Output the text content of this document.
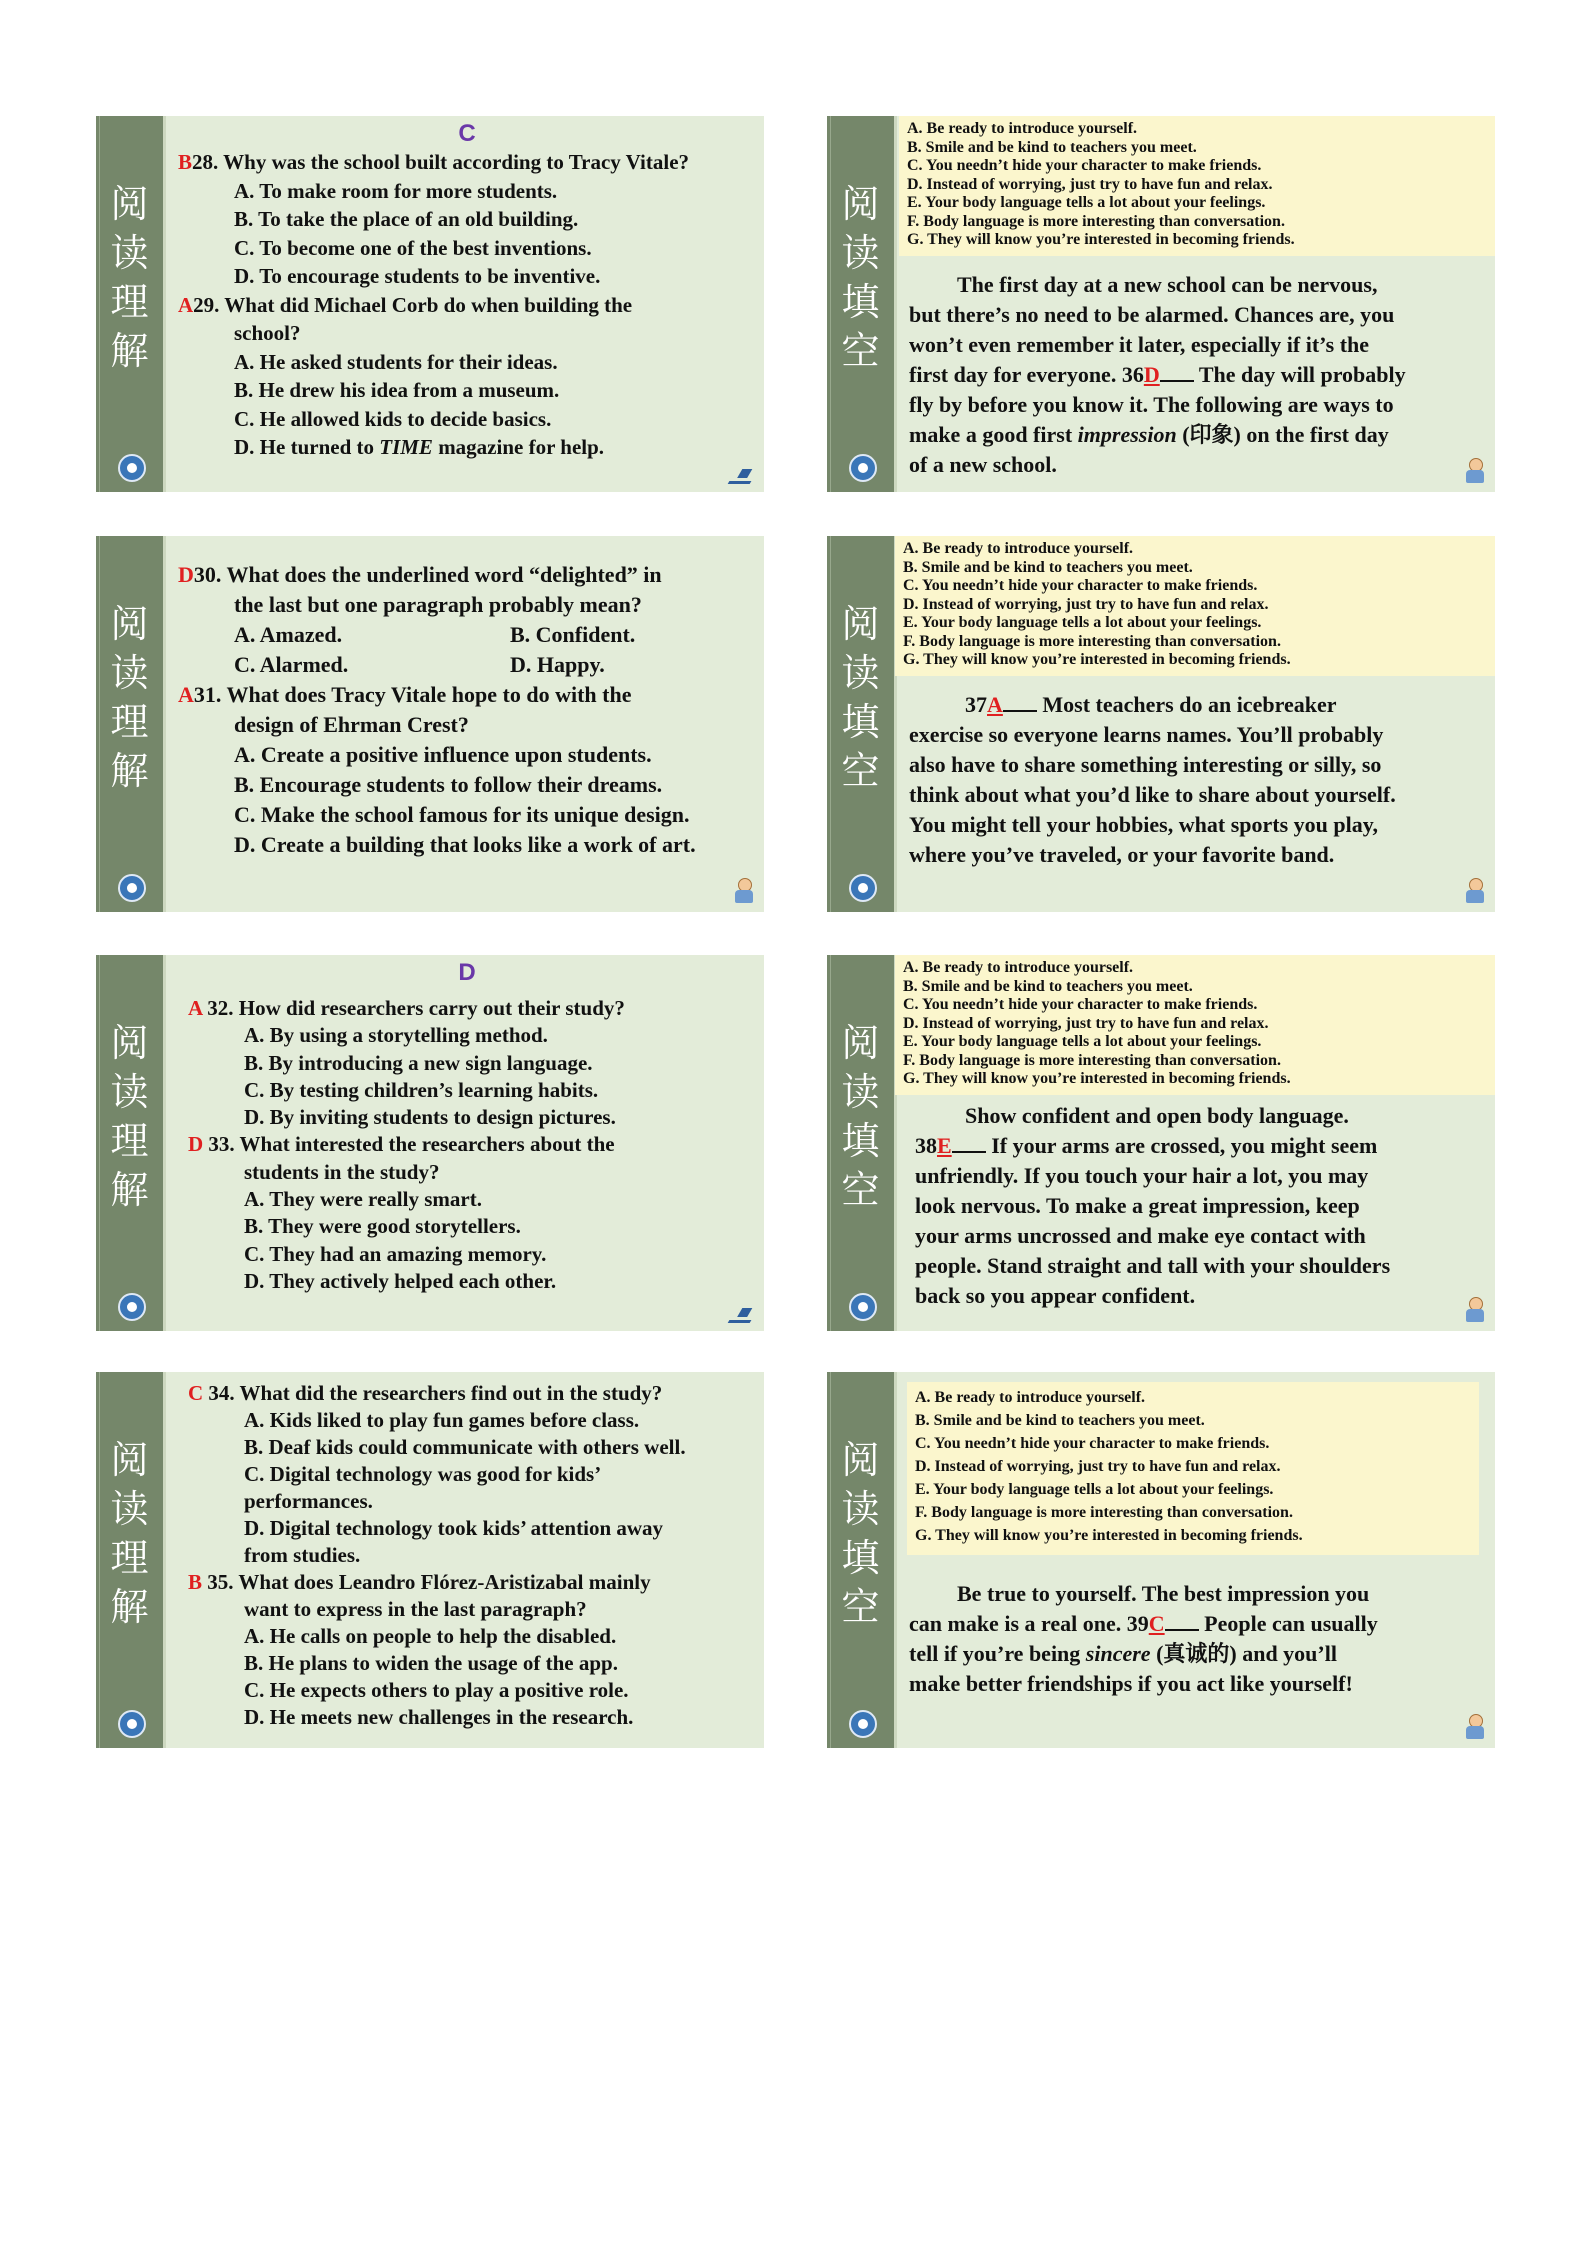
阅
读
理
解
C
B28. Why was the school built according to Tracy Vitale?
A. To make room for more students.
B. To take the place of an old building.
C. To become one of the best inventions.
D. To encourage students to be inventive.
A29. What did Michael Corb do when building the
school?
A. He asked students for their ideas.
B. He drew his idea from a museum.
C. He allowed kids to decide basics.
D. He turned to TIME magazine for help.
阅
读
填
空
A. Be ready to introduce yourself.
B. Smile and be kind to teachers you meet.
C. You needn’t hide your character to make friends.
D. Instead of worrying, just try to have fun and relax.
E. Your body language tells a lot about your feelings.
F. Body language is more interesting than conversation.
G. They will know you’re interested in becoming friends.
The first day at a new school can be nervous,
but there’s no need to be alarmed. Chances are, you
won’t even remember it later, especially if it’s the
first day for everyone. 36D The day will probably
fly by before you know it. The following are ways to
make a good first impression (印象) on the first day
of a new school.
阅
读
理
解
D30. What does the underlined word “delighted” in
the last but one paragraph probably mean?
A. Amazed.	B. Confident.
C. Alarmed.	D. Happy.
A31. What does Tracy Vitale hope to do with the
design of Ehrman Crest?
A. Create a positive influence upon students.
B. Encourage students to follow their dreams.
C. Make the school famous for its unique design.
D. Create a building that looks like a work of art.
阅
读
填
空
A. Be ready to introduce yourself.
B. Smile and be kind to teachers you meet.
C. You needn’t hide your character to make friends.
D. Instead of worrying, just try to have fun and relax.
E. Your body language tells a lot about your feelings.
F. Body language is more interesting than conversation.
G. They will know you’re interested in becoming friends.
37A Most teachers do an icebreaker
exercise so everyone learns names. You’ll probably
also have to share something interesting or silly, so
think about what you’d like to share about yourself.
You might tell your hobbies, what sports you play,
where you’ve traveled, or your favorite band.
阅
读
理
解
D
A 32. How did researchers carry out their study?
A. By using a storytelling method.
B. By introducing a new sign language.
C. By testing children’s learning habits.
D. By inviting students to design pictures.
D 33. What interested the researchers about the
students in the study?
A. They were really smart.
B. They were good storytellers.
C. They had an amazing memory.
D. They actively helped each other.
阅
读
填
空
A. Be ready to introduce yourself.
B. Smile and be kind to teachers you meet.
C. You needn’t hide your character to make friends.
D. Instead of worrying, just try to have fun and relax.
E. Your body language tells a lot about your feelings.
F. Body language is more interesting than conversation.
G. They will know you’re interested in becoming friends.
Show confident and open body language.
38E If your arms are crossed, you might seem
unfriendly. If you touch your hair a lot, you may
look nervous. To make a great impression, keep
your arms uncrossed and make eye contact with
people. Stand straight and tall with your shoulders
back so you appear confident.
阅
读
理
解
C 34. What did the researchers find out in the study?
A. Kids liked to play fun games before class.
B. Deaf kids could communicate with others well.
C. Digital technology was good for kids’
performances.
D. Digital technology took kids’ attention away
from studies.
B 35. What does Leandro Flórez-Aristizabal mainly
want to express in the last paragraph?
A. He calls on people to help the disabled.
B. He plans to widen the usage of the app.
C. He expects others to play a positive role.
D. He meets new challenges in the research.
阅
读
填
空
A. Be ready to introduce yourself.
B. Smile and be kind to teachers you meet.
C. You needn’t hide your character to make friends.
D. Instead of worrying, just try to have fun and relax.
E. Your body language tells a lot about your feelings.
F. Body language is more interesting than conversation.
G. They will know you’re interested in becoming friends.
Be true to yourself. The best impression you
can make is a real one. 39C People can usually
tell if you’re being sincere (真诚的) and you’ll
make better friendships if you act like yourself!
